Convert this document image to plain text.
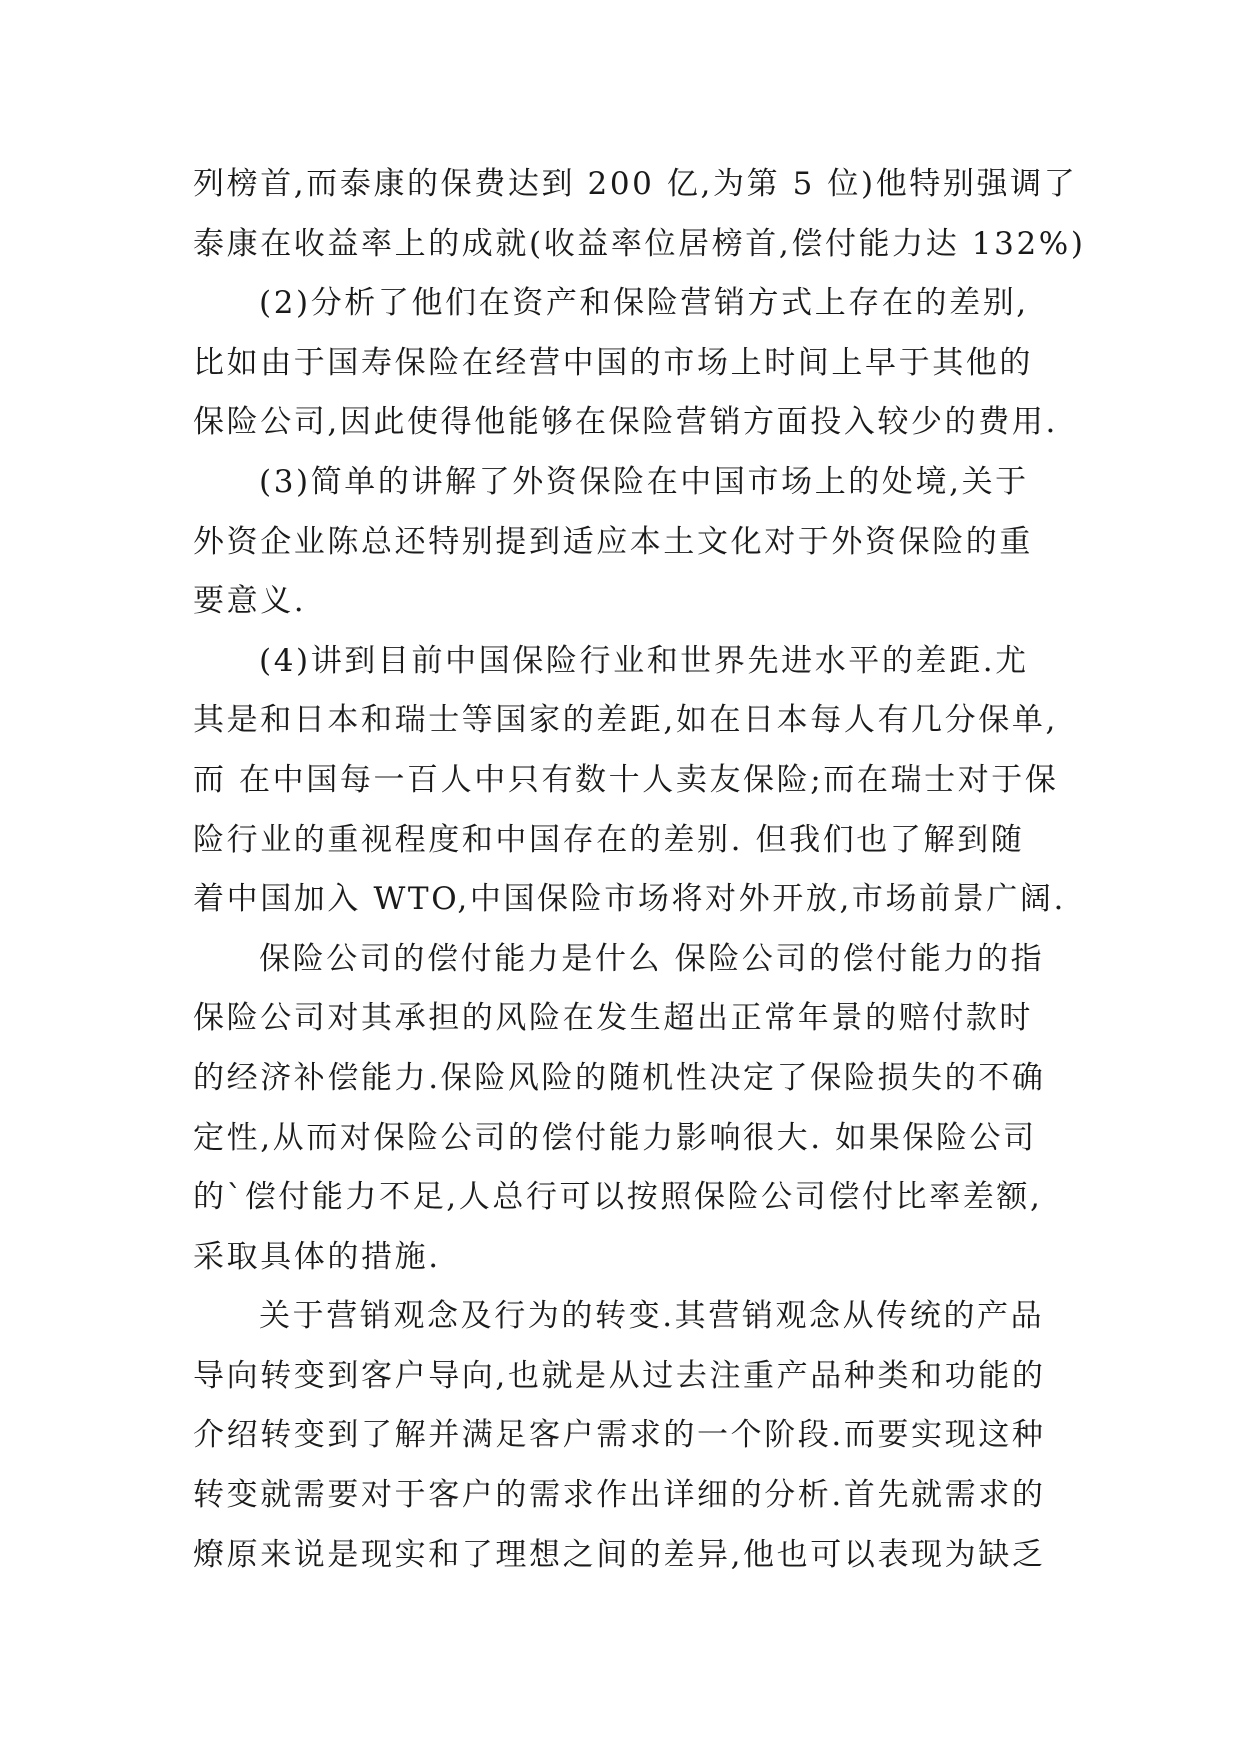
列榜首,而泰康的保费达到 200 亿,为第 5 位)他特别强调了
泰康在收益率上的成就(收益率位居榜首,偿付能力达 132%)
(2)分析了他们在资产和保险营销方式上存在的差别,
比如由于国寿保险在经营中国的市场上时间上早于其他的
保险公司,因此使得他能够在保险营销方面投入较少的费用.
(3)简单的讲解了外资保险在中国市场上的处境,关于
外资企业陈总还特别提到适应本土文化对于外资保险的重
要意义.
(4)讲到目前中国保险行业和世界先进水平的差距.尤
其是和日本和瑞士等国家的差距,如在日本每人有几分保单,
而 在中国每一百人中只有数十人卖友保险;而在瑞士对于保
险行业的重视程度和中国存在的差别. 但我们也了解到随
着中国加入 WTO,中国保险市场将对外开放,市场前景广阔.
保险公司的偿付能力是什么 保险公司的偿付能力的指
保险公司对其承担的风险在发生超出正常年景的赔付款时
的经济补偿能力.保险风险的随机性决定了保险损失的不确
定性,从而对保险公司的偿付能力影响很大. 如果保险公司
的`偿付能力不足,人总行可以按照保险公司偿付比率差额,
采取具体的措施.
关于营销观念及行为的转变.其营销观念从传统的产品
导向转变到客户导向,也就是从过去注重产品种类和功能的
介绍转变到了解并满足客户需求的一个阶段.而要实现这种
转变就需要对于客户的需求作出详细的分析.首先就需求的
燎原来说是现实和了理想之间的差异,他也可以表现为缺乏
